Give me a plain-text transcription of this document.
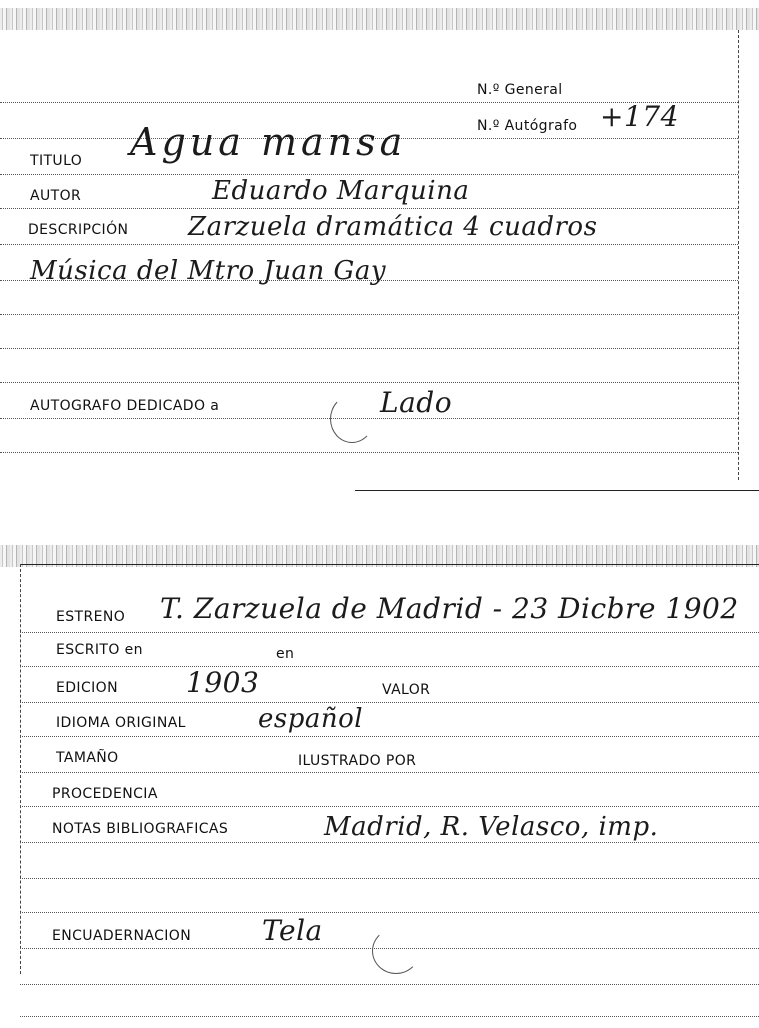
N.º General
N.º Autógrafo +174
TITULO Agua mansa
AUTOR	Eduardo Marquina
DESCRIPCIÓN Zarzuela dramática 4 cuadros
Música del Mtro Juan Gay
AUTOGRAFO DEDICADO a	Lado
ESTRENO T. Zarzuela de Madrid - 23 Dicbre 1902
ESCRITO en	en
EDICION 1903	VALOR
IDIOMA ORIGINAL	español
TAMAÑO	ILUSTRADO POR
PROCEDENCIA
NOTAS BIBLIOGRAFICAS	Madrid, R. Velasco, imp.
ENCUADERNACION	Tela
